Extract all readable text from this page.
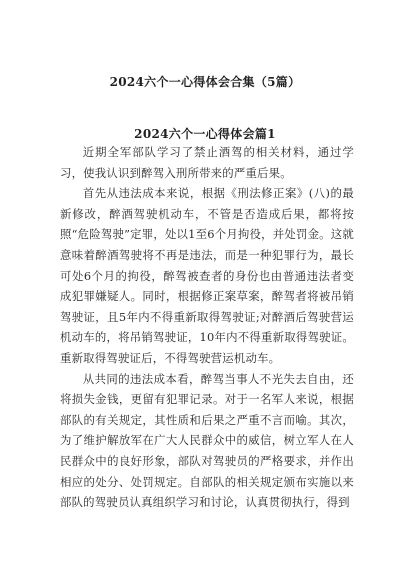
2024六个一心得体会合集（5篇）
2024六个一心得体会篇1

近期全军部队学习了禁止酒驾的相关材料，通过学习，使我认识到醉驾入刑所带来的严重后果。

首先从违法成本来说，根据《刑法修正案》(八)的最新修改，醉酒驾驶机动车，不管是否造成后果，都将按照“危险驾驶”定罪，处以1至6个月拘役，并处罚金。这就意味着醉酒驾驶将不再是违法，而是一种犯罪行为，最长可处6个月的拘役，醉驾被查者的身份也由普通违法者变成犯罪嫌疑人。同时，根据修正案草案，醉驾者将被吊销驾驶证，且5年内不得重新取得驾驶证;对醉酒后驾驶营运机动车的，将吊销驾驶证，10年内不得重新取得驾驶证。重新取得驾驶证后，不得驾驶营运机动车。

从共同的违法成本看，醉驾当事人不光失去自由，还将损失金钱，更留有犯罪记录。对于一名军人来说，根据部队的有关规定，其性质和后果之严重不言而喻。其次，为了维护解放军在广大人民群众中的威信，树立军人在人民群众中的良好形象，部队对驾驶员的严格要求，并作出相应的处分、处罚规定。自部队的相关规定颁布实施以来部队的驾驶员认真组织学习和讨论，认真贯彻执行，得到
